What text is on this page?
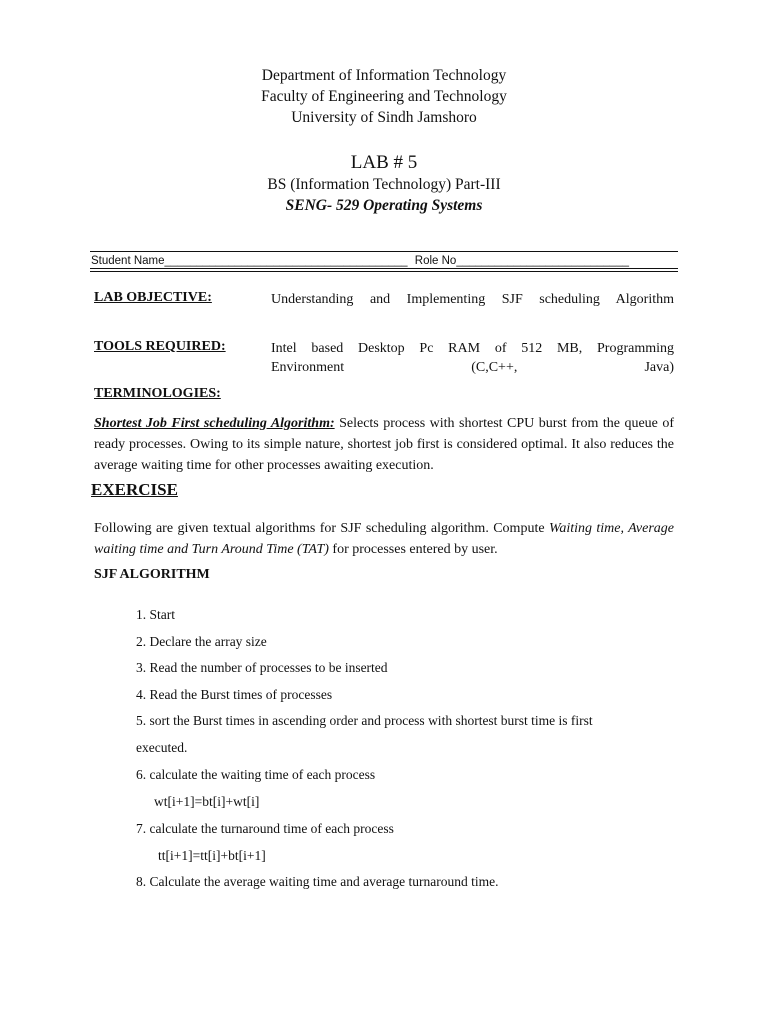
Department of Information Technology
Faculty of Engineering and Technology
University of Sindh Jamshoro
LAB # 5
BS (Information Technology) Part-III
SENG- 529 Operating Systems
Student Name______________________________________ Role No___________________________
LAB OBJECTIVE:	Understanding and Implementing SJF scheduling Algorithm
TOOLS REQUIRED:	Intel based Desktop Pc RAM of 512 MB, Programming
Environment (C,C++, Java)
TERMINOLOGIES:
Shortest Job First scheduling Algorithm: Selects process with shortest CPU burst from the queue of ready processes. Owing to its simple nature, shortest job first is considered optimal. It also reduces the average waiting time for other processes awaiting execution.
EXERCISE
Following are given textual algorithms for SJF scheduling algorithm. Compute Waiting time, Average waiting time and Turn Around Time (TAT) for processes entered by user.
SJF ALGORITHM
1. Start
2. Declare the array size
3. Read the number of processes to be inserted
4. Read the Burst times of processes
5. sort the Burst times in ascending order and process with shortest burst time is first
executed.
6. calculate the waiting time of each process
wt[i+1]=bt[i]+wt[i]
7. calculate the turnaround time of each process
tt[i+1]=tt[i]+bt[i+1]
8. Calculate the average waiting time and average turnaround time.
